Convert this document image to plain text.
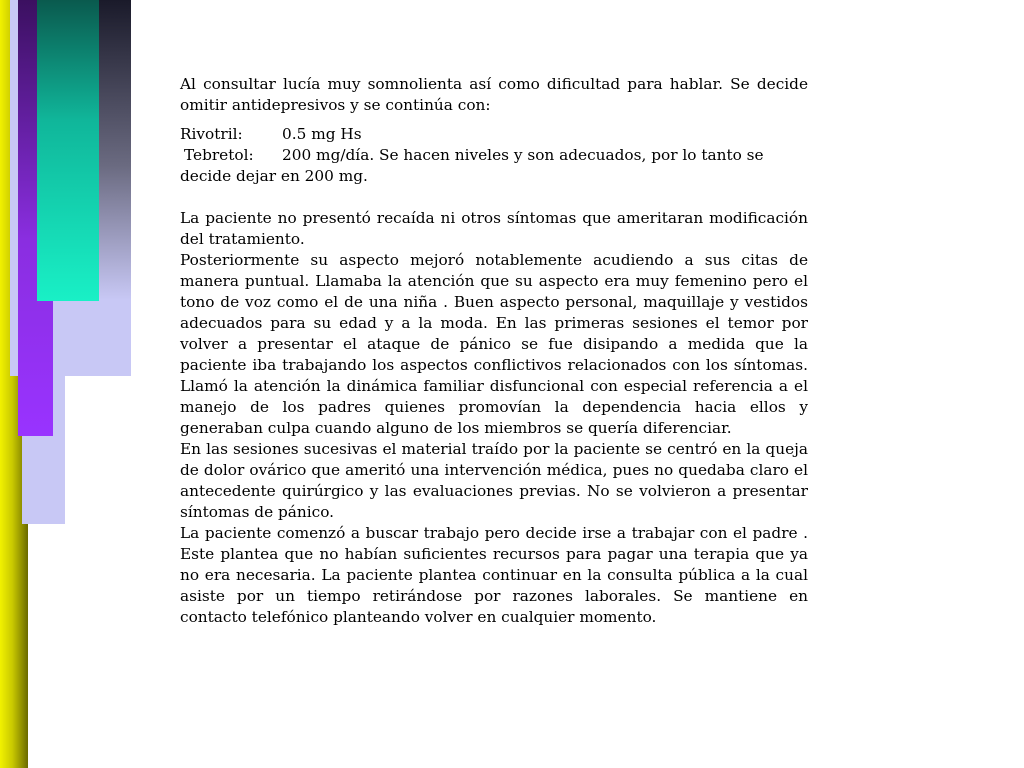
Al consultar lucía muy somnolienta así como dificultad para hablar. Se decide omitir antidepresivos y se continúa con:

Rivotril:	0.5 mg Hs
Tebretol:	200 mg/día. Se hacen niveles y son adecuados, por lo tanto se

decide dejar en 200 mg.

La paciente no presentó recaída ni otros síntomas que ameritaran modificación del tratamiento.

Posteriormente su aspecto mejoró notablemente acudiendo a sus citas de manera puntual. Llamaba la atención que su aspecto era muy femenino pero el tono de voz como el de una niña . Buen aspecto personal, maquillaje y vestidos adecuados para su edad y a la moda. En las primeras sesiones el temor por volver a presentar el ataque de pánico se fue disipando a medida que la paciente iba trabajando los aspectos conflictivos relacionados con los síntomas. Llamó la atención la dinámica familiar disfuncional con especial referencia a el manejo de los padres quienes promovían la dependencia hacia ellos y generaban culpa cuando alguno de los miembros se quería diferenciar.

En las sesiones sucesivas el material traído por la paciente se centró en la queja de dolor ovárico que ameritó una intervención médica, pues no quedaba claro el antecedente quirúrgico y las evaluaciones previas. No se volvieron a presentar síntomas de pánico.

La paciente comenzó a buscar trabajo pero decide irse a trabajar con el padre . Este plantea que no habían suficientes recursos para pagar una terapia que ya no era necesaria. La paciente plantea continuar en la consulta pública a la cual asiste por un tiempo retirándose por razones laborales. Se mantiene en contacto telefónico planteando volver en cualquier momento.
